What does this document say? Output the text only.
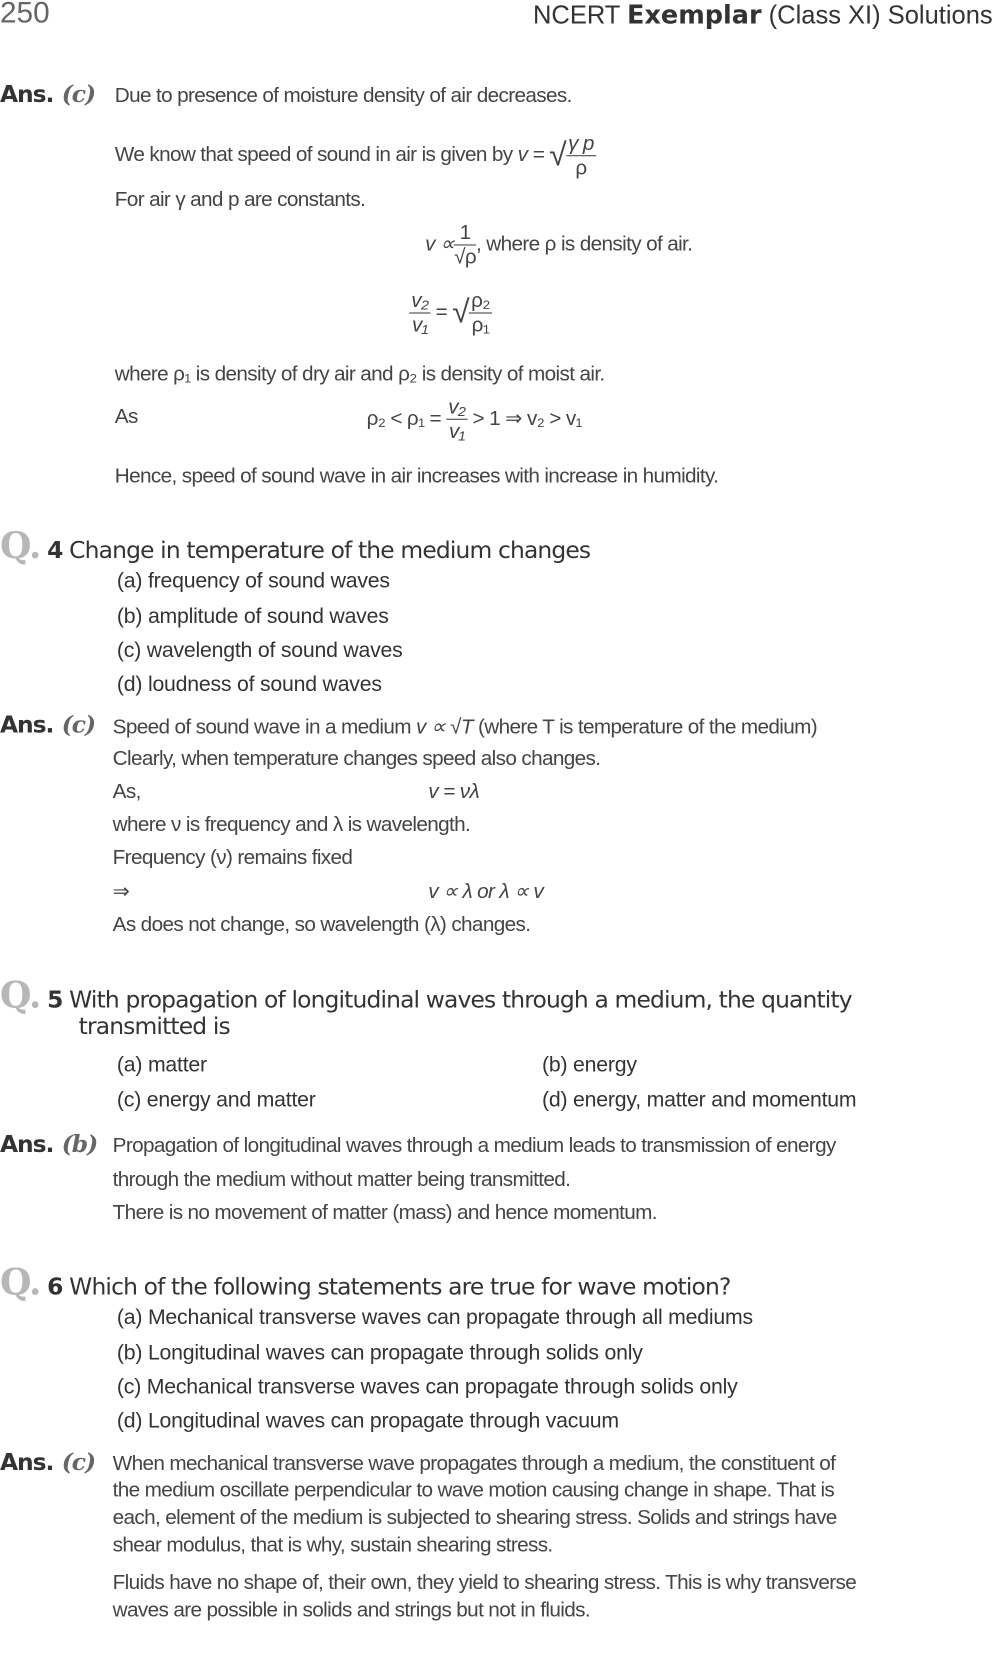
250	NCERT Exemplar (Class XI) Solutions
Ans. (c) Due to presence of moisture density of air decreases.
We know that speed of sound in air is given by v = √ $\frac{\text{γ p}}{\rho}$
For air γ and p are constants.
$v \propto \frac{1}{√\rho}$ , where ρ is density of air.
$\frac{\text{v₂}}{\text{v₁}}$ = √ $\frac{\text{ρ₂}}{\text{ρ₁}}$
where ρ₁ is density of dry air and ρ₂ is density of moist air.
As	$\rho_2 < \rho_1 = \frac{\text{v₂}}{\text{v₁}} > 1$ ⇒ v₂ > v₁
Hence, speed of sound wave in air increases with increase in humidity.
Q. 4 Change in temperature of the medium changes
(a) frequency of sound waves
(b) amplitude of sound waves
(c) wavelength of sound waves
(d) loudness of sound waves
Ans. (c) Speed of sound wave in a medium v ∝ √T (where T is temperature of the medium)
Clearly, when temperature changes speed also changes.
As,	v = νλ
where ν is frequency and λ is wavelength.
Frequency (ν) remains fixed
⇒	v ∝ λ or λ ∝ v
As does not change, so wavelength (λ) changes.
Q. 5 With propagation of longitudinal waves through a medium, the quantity
transmitted is
(a) matter	(b) energy
(c) energy and matter	(d) energy, matter and momentum
Ans. (b) Propagation of longitudinal waves through a medium leads to transmission of energy
through the medium without matter being transmitted.
There is no movement of matter (mass) and hence momentum.
Q. 6 Which of the following statements are true for wave motion?
(a) Mechanical transverse waves can propagate through all mediums
(b) Longitudinal waves can propagate through solids only
(c) Mechanical transverse waves can propagate through solids only
(d) Longitudinal waves can propagate through vacuum
Ans. (c) When mechanical transverse wave propagates through a medium, the constituent of
the medium oscillate perpendicular to wave motion causing change in shape. That is
each, element of the medium is subjected to shearing stress. Solids and strings have
shear modulus, that is why, sustain shearing stress.
Fluids have no shape of, their own, they yield to shearing stress. This is why transverse
waves are possible in solids and strings but not in fluids.
